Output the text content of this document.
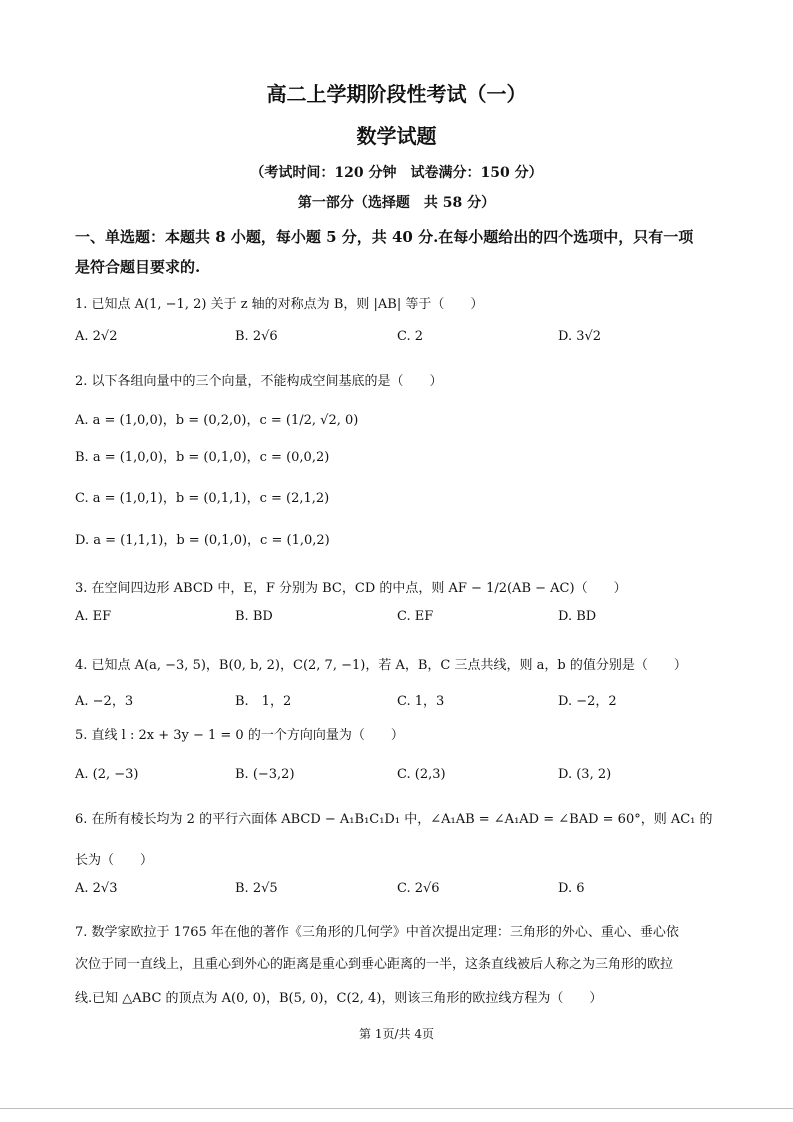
高二上学期阶段性考试（一）
数学试题
（考试时间：120 分钟　试卷满分：150 分）
第一部分（选择题　共 58 分）
一、单选题：本题共 8 小题，每小题 5 分，共 40 分.在每小题给出的四个选项中，只有一项
是符合题目要求的.
1. 已知点 A(1, −1, 2) 关于 z 轴的对称点为 B，则 |AB| 等于（　　）
A. 2√2	B. 2√6	C. 2	D. 3√2
2. 以下各组向量中的三个向量，不能构成空间基底的是（　　）
A. a = (1,0,0)，b = (0,2,0)，c = (1/2, √2, 0)
B. a = (1,0,0)，b = (0,1,0)，c = (0,0,2)
C. a = (1,0,1)，b = (0,1,1)，c = (2,1,2)
D. a = (1,1,1)，b = (0,1,0)，c = (1,0,2)
3. 在空间四边形 ABCD 中，E，F 分别为 BC，CD 的中点，则 AF − 1/2(AB − AC)（　　）
A. EF	B. BD	C. EF	D. BD
4. 已知点 A(a, −3, 5)，B(0, b, 2)，C(2, 7, −1)，若 A，B，C 三点共线，则 a，b 的值分别是（　　）
A. −2，3	B.　1，2	C. 1，3	D. −2，2
5. 直线 l : 2x + 3y − 1 = 0 的一个方向向量为（　　）
A. (2, −3)	B. (−3,2)	C. (2,3)	D. (3, 2)
6. 在所有棱长均为 2 的平行六面体 ABCD − A₁B₁C₁D₁ 中，∠A₁AB = ∠A₁AD = ∠BAD = 60°，则 AC₁ 的
长为（　　）
A. 2√3	B. 2√5	C. 2√6	D. 6
7. 数学家欧拉于 1765 年在他的著作《三角形的几何学》中首次提出定理：三角形的外心、重心、垂心依
次位于同一直线上，且重心到外心的距离是重心到垂心距离的一半，这条直线被后人称之为三角形的欧拉
线.已知 △ABC 的顶点为 A(0, 0)，B(5, 0)，C(2, 4)，则该三角形的欧拉线方程为（　　）
第 1页/共 4页
